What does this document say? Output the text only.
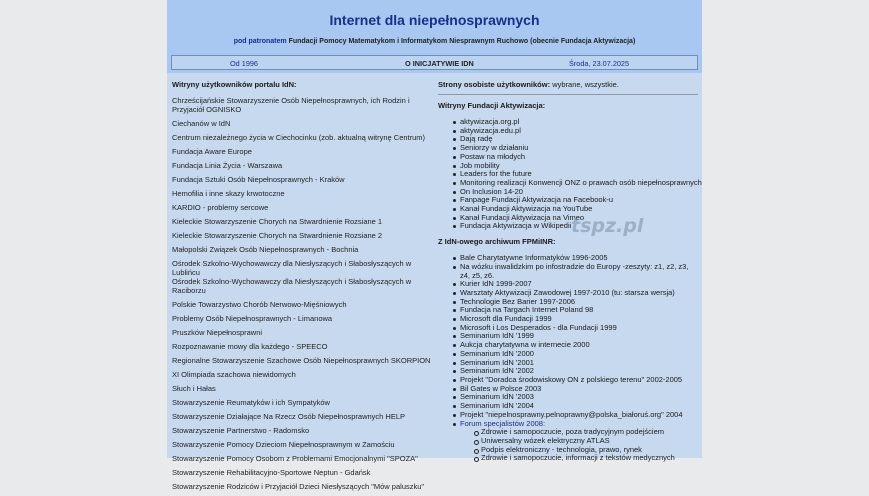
Internet dla niepełnosprawnych
pod patronatem Fundacji Pomocy Matematykom i Informatykom Niesprawnym Ruchowo (obecnie Fundacja Aktywizacja)
Od 1996	O INICJATYWIE IDN	Środa, 23.07.2025
Witryny użytkowników portalu IdN:
Chrześcijańskie Stowarzyszenie Osób Niepełnosprawnych, ich Rodzin i Przyjaciół OGNISKO
Ciechanów w IdN
Centrum niezależnego życia w Ciechocinku (zob. aktualną witrynę Centrum)
Fundacja Aware Europe
Fundacja Linia Życia - Warszawa
Fundacja Sztuki Osób Niepełnosprawnych - Kraków
Hemofilia i inne skazy krwotoczne
KARDIO - problemy sercowe
Kieleckie Stowarzyszenie Chorych na Stwardnienie Rozsiane 1
Kieleckie Stowarzyszenie Chorych na Stwardnienie Rozsiane 2
Małopolski Związek Osób Niepełnosprawnych - Bochnia
Ośrodek Szkolno-Wychowawczy dla Niesłyszących i Słabosłyszących w Lublińcu
Ośrodek Szkolno-Wychowawczy dla Niesłyszących i Słabosłyszących w Raciborzu
Polskie Towarzystwo Chorób Nerwowo-Mięśniowych
Problemy Osób Niepełnosprawnych - Limanowa
Pruszków Niepełnosprawni
Rozpoznawanie mowy dla każdego - SPEECO
Regionalne Stowarzyszenie Szachowe Osób Niepełnosprawnych SKORPION
XI Olimpiada szachowa niewidomych
Słuch i Hałas
Stowarzyszenie Reumatyków i ich Sympatyków
Stowarzyszenie Działające Na Rzecz Osób Niepełnosprawnych HELP
Stowarzyszenie Partnerstwo - Radomsko
Stowarzyszenie Pomocy Dzieciom Niepełnosprawnym w Zamościu
Stowarzyszenie Pomocy Osobom z Problemami Emocjonalnymi "SPOZA"
Stowarzyszenie Rehabilitacyjno-Sportowe Neptun - Gdańsk
Stowarzyszenie Rodziców i Przyjaciół Dzieci Niesłyszących "Mów paluszku"
Strony osobiste użytkowników: wybrane, wszystkie.
Witryny Fundacji Aktywizacja:
aktywizacja.org.pl
aktywizacja.edu.pl
Dają radę
Seniorzy w działaniu
Postaw na młodych
Job mobility
Leaders for the future
Monitoring realizacji Konwencji ONZ o prawach osób niepełnosprawnych
On Inclusion 14-20
Fanpage Fundacji Aktywizacja na Facebook-u
Kanał Fundacji Aktywizacja na YouTube
Kanał Fundacji Aktywizacja na Vimeo
Fundacja Aktywizacja w Wikipedii
Z IdN-owego archiwum FPMiINR:
Bale Charytatywne Informatyków 1996-2005
Na wózku inwalidzkim po infostradzie do Europy -zeszyty: z1, z2, z3, z4, z5, z6.
Kurier IdN 1999-2007
Warsztaty Aktywizacji Zawodowej 1997-2010 (tu: starsza wersja)
Technologie Bez Barier 1997-2006
Fundacja na Targach Internet Poland 98
Microsoft dla Fundacji 1999
Microsoft i Los Desperados - dla Fundacji 1999
Seminarium IdN '1999
Aukcja charytatywna w internecie 2000
Seminarium IdN '2000
Seminarium IdN '2001
Seminarium IdN '2002
Projekt "Doradca środowiskowy ON z polskiego terenu" 2002-2005
Bil Gates w Polsce 2003
Seminarium IdN '2003
Seminarium IdN '2004
Projekt "niepelnosprawny.pelnoprawny@polska_białoruś.org" 2004
Forum specjalistów 2008:
Zdrowie i samopoczucie, poza tradycyjnym podejściem
Uniwersalny wózek elektryczny ATLAS
Podpis elektroniczny - technologia, prawo, rynek
Zdrowie i samopoczucie, informacji z tekstów medycznych
tspz.pl
